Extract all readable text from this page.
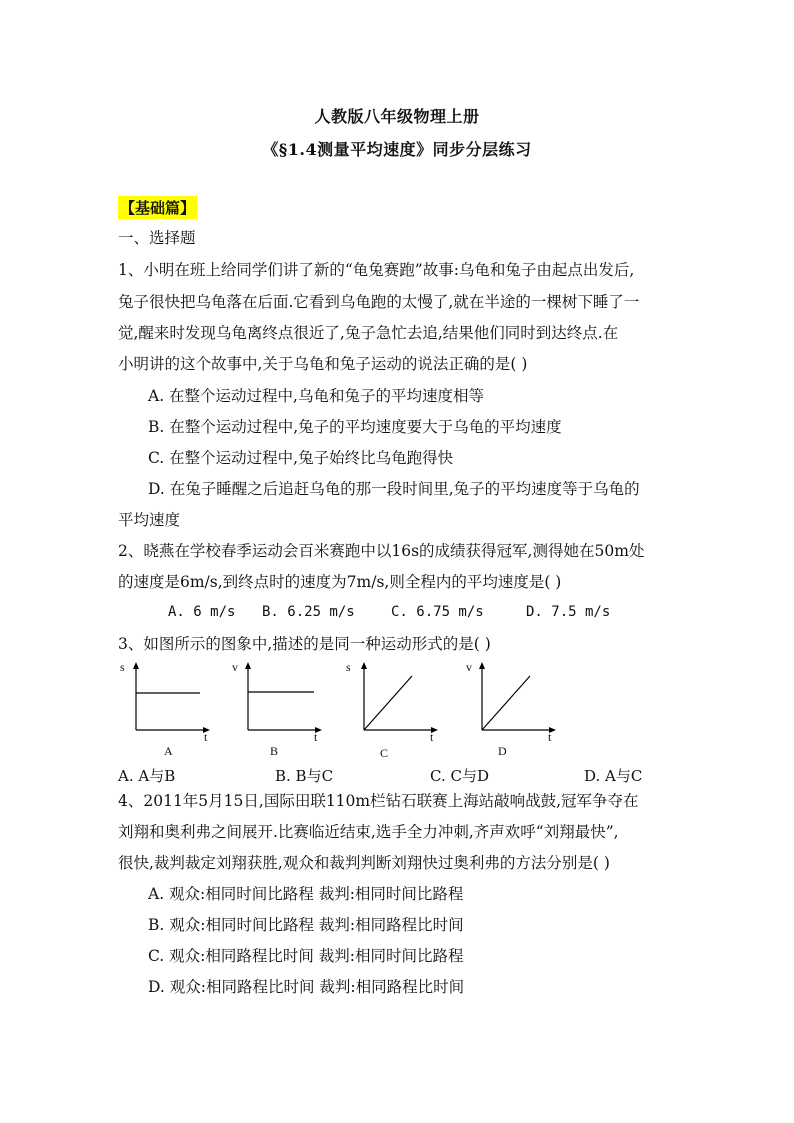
人教版八年级物理上册
《§1.4测量平均速度》同步分层练习
【基础篇】
一、选择题
1、小明在班上给同学们讲了新的“龟兔赛跑”故事:乌龟和兔子由起点出发后,
兔子很快把乌龟落在后面.它看到乌龟跑的太慢了,就在半途的一棵树下睡了一
觉,醒来时发现乌龟离终点很近了,兔子急忙去追,结果他们同时到达终点.在
小明讲的这个故事中,关于乌龟和兔子运动的说法正确的是( )
A. 在整个运动过程中,乌龟和兔子的平均速度相等
B. 在整个运动过程中,兔子的平均速度要大于乌龟的平均速度
C. 在整个运动过程中,兔子始终比乌龟跑得快
D. 在兔子睡醒之后追赶乌龟的那一段时间里,兔子的平均速度等于乌龟的
平均速度
2、晓燕在学校春季运动会百米赛跑中以16s的成绩获得冠军,测得她在50m处
的速度是6m/s,到终点时的速度为7m/s,则全程内的平均速度是( )
A. 6 m/s B. 6.25 m/s	C. 6.75 m/s	D. 7.5 m/s
3、如图所示的图象中,描述的是同一种运动形式的是( )
s
t
A
v
t
B
s
t
C
v
t
D
A. A与B	B. B与C	C. C与D	D. A与C
4、2011年5月15日,国际田联110m栏钻石联赛上海站敲响战鼓,冠军争夺在
刘翔和奥利弗之间展开.比赛临近结束,选手全力冲刺,齐声欢呼“刘翔最快”,
很快,裁判裁定刘翔获胜,观众和裁判判断刘翔快过奥利弗的方法分别是( )
A. 观众:相同时间比路程 裁判:相同时间比路程
B. 观众:相同时间比路程 裁判:相同路程比时间
C. 观众:相同路程比时间 裁判:相同时间比路程
D. 观众:相同路程比时间 裁判:相同路程比时间
